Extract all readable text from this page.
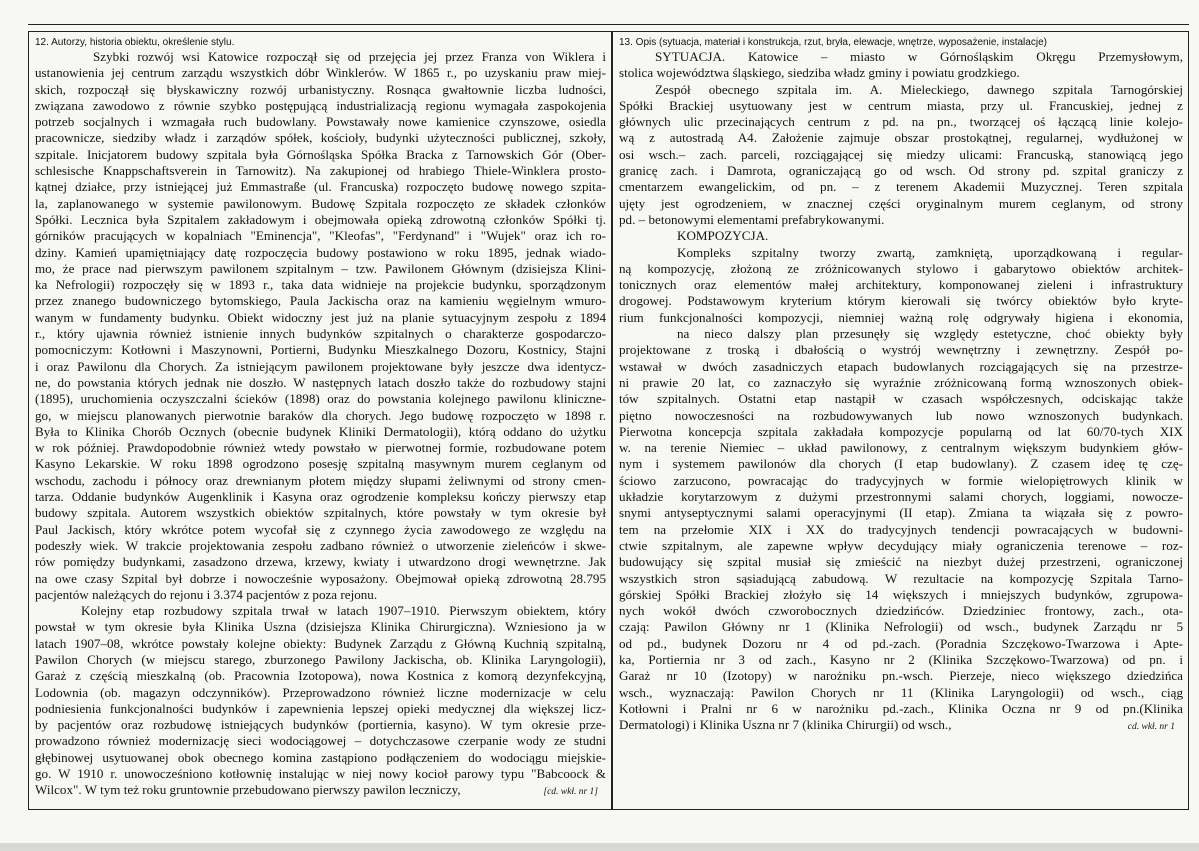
12. Autorzy, historia obiektu, określenie stylu.
Szybki rozwój wsi Katowice rozpoczął się od przejęcia jej przez Franza von Wiklera i
ustanowienia jej centrum zarządu wszystkich dóbr Winklerów. W 1865 r., po uzyskaniu praw miej-
skich, rozpoczął się błyskawiczny rozwój urbanistyczny. Rosnąca gwałtownie liczba ludności,
związana zawodowo z równie szybko postępującą industrializacją regionu wymagała zaspokojenia
potrzeb socjalnych i wzmagała ruch budowlany. Powstawały nowe kamienice czynszowe, osiedla
pracownicze, siedziby władz i zarządów spółek, kościoły, budynki użyteczności publicznej, szkoły,
szpitale. Inicjatorem budowy szpitala była Górnośląska Spółka Bracka z Tarnowskich Gór (Ober-
schlesische Knappschaftsverein in Tarnowitz). Na zakupionej od hrabiego Thiele-Winklera prosto-
kątnej działce, przy istniejącej już Emmastraße (ul. Francuska) rozpoczęto budowę nowego szpita-
la, zaplanowanego w systemie pawilonowym. Budowę Szpitala rozpoczęto ze składek członków
Spółki. Lecznica była Szpitalem zakładowym i obejmowała opieką zdrowotną członków Spółki tj.
górników pracujących w kopalniach "Eminencja", "Kleofas", "Ferdynand" i "Wujek" oraz ich ro-
dziny. Kamień upamiętniający datę rozpoczęcia budowy postawiono w roku 1895, jednak wiado-
mo, że prace nad pierwszym pawilonem szpitalnym – tzw. Pawilonem Głównym (dzisiejsza Klini-
ka Nefrologii) rozpoczęły się w 1893 r., taka data widnieje na projekcie budynku, sporządzonym
przez znanego budowniczego bytomskiego, Paula Jackischa oraz na kamieniu węgielnym wmuro-
wanym w fundamenty budynku. Obiekt widoczny jest już na planie sytuacyjnym zespołu z 1894
r., który ujawnia również istnienie innych budynków szpitalnych o charakterze gospodarczo-
pomocniczym: Kotłowni i Maszynowni, Portierni, Budynku Mieszkalnego Dozoru, Kostnicy, Stajni
i oraz Pawilonu dla Chorych. Za istniejącym pawilonem projektowane były jeszcze dwa identycz-
ne, do powstania których jednak nie doszło. W następnych latach doszło także do rozbudowy stajni
(1895), uruchomienia oczyszczalni ścieków (1898) oraz do powstania kolejnego pawilonu kliniczne-
go, w miejscu planowanych pierwotnie baraków dla chorych. Jego budowę rozpoczęto w 1898 r.
Była to Klinika Chorób Ocznych (obecnie budynek Kliniki Dermatologii), którą oddano do użytku
w rok później. Prawdopodobnie również wtedy powstało w pierwotnej formie, rozbudowane potem
Kasyno Lekarskie. W roku 1898 ogrodzono posesję szpitalną masywnym murem ceglanym od
wschodu, zachodu i północy oraz drewnianym płotem między słupami żeliwnymi od strony cmen-
tarza. Oddanie budynków Augenklinik i Kasyna oraz ogrodzenie kompleksu kończy pierwszy etap
budowy szpitala. Autorem wszystkich obiektów szpitalnych, które powstały w tym okresie był
Paul Jackisch, który wkrótce potem wycofał się z czynnego życia zawodowego ze względu na
podeszły wiek. W trakcie projektowania zespołu zadbano również o utworzenie zieleńców i skwe-
rów pomiędzy budynkami, zasadzono drzewa, krzewy, kwiaty i utwardzono drogi wewnętrzne. Jak
na owe czasy Szpital był dobrze i nowocześnie wyposażony. Obejmował opieką zdrowotną 28.795
pacjentów należących do rejonu i 3.374 pacjentów z poza rejonu.
Kolejny etap rozbudowy szpitala trwał w latach 1907–1910. Pierwszym obiektem, który
powstał w tym okresie była Klinika Uszna (dzisiejsza Klinika Chirurgiczna). Wzniesiono ja w
latach 1907–08, wkrótce powstały kolejne obiekty: Budynek Zarządu z Główną Kuchnią szpitalną,
Pawilon Chorych (w miejscu starego, zburzonego Pawilony Jackischa, ob. Klinika Laryngologii),
Garaż z częścią mieszkalną (ob. Pracownia Izotopowa), nowa Kostnica z komorą dezynfekcyjną,
Lodownia (ob. magazyn odczynników). Przeprowadzono również liczne modernizacje w celu
podniesienia funkcjonalności budynków i zapewnienia lepszej opieki medycznej dla większej licz-
by pacjentów oraz rozbudowę istniejących budynków (portiernia, kasyno). W tym okresie prze-
prowadzono również modernizację sieci wodociągowej – dotychczasowe czerpanie wody ze studni
głębinowej usytuowanej obok obecnego komina zastąpiono podłączeniem do wodociągu miejskie-
go. W 1910 r. unowocześniono kotłownię instalując w niej nowy kocioł parowy typu "Babcoock &
Wilcox". W tym też roku gruntownie przebudowano pierwszy pawilon leczniczy,	[cd. wkł. nr 1]
13. Opis (sytuacja, materiał i konstrukcja, rzut, bryła, elewacje, wnętrze, wyposażenie, instalacje)
SYTUACJA. Katowice – miasto w Górnośląskim Okręgu Przemysłowym,
stolica województwa śląskiego, siedziba władz gminy i powiatu grodzkiego.
Zespół obecnego szpitala im. A. Mieleckiego, dawnego szpitala Tarnogórskiej
Spółki Brackiej usytuowany jest w centrum miasta, przy ul. Francuskiej, jednej z
głównych ulic przecinających centrum z pd. na pn., tworzącej oś łączącą linie kolejo-
wą z autostradą A4. Założenie zajmuje obszar prostokątnej, regularnej, wydłużonej w
osi wsch.– zach. parceli, rozciągającej się miedzy ulicami: Francuską, stanowiącą jego
granicę zach. i Damrota, ograniczającą go od wsch. Od strony pd. szpital graniczy z
cmentarzem ewangelickim, od pn. – z terenem Akademii Muzycznej. Teren szpitala
ujęty jest ogrodzeniem, w znacznej części oryginalnym murem ceglanym, od strony
pd. – betonowymi elementami prefabrykowanymi.
KOMPOZYCJA.
Kompleks szpitalny tworzy zwartą, zamkniętą, uporządkowaną i regular-
ną kompozycję, złożoną ze zróżnicowanych stylowo i gabarytowo obiektów architek-
tonicznych oraz elementów małej architektury, komponowanej zieleni i infrastruktury
drogowej. Podstawowym kryterium którym kierowali się twórcy obiektów było kryte-
rium funkcjonalności kompozycji, niemniej ważną rolę odgrywały higiena i ekonomia,
na nieco dalszy plan przesunęły się względy estetyczne, choć obiekty były
projektowane z troską i dbałością o wystrój wewnętrzny i zewnętrzny. Zespół po-
wstawał w dwóch zasadniczych etapach budowlanych rozciągających się na przestrze-
ni prawie 20 lat, co zaznaczyło się wyraźnie zróżnicowaną formą wznoszonych obiek-
tów szpitalnych. Ostatni etap nastąpił w czasach współczesnych, odciskając także
piętno nowoczesności na rozbudowywanych lub nowo wznoszonych budynkach.
Pierwotna koncepcja szpitala zakładała kompozycje popularną od lat 60/70-tych XIX
w. na terenie Niemiec – układ pawilonowy, z centralnym większym budynkiem głów-
nym i systemem pawilonów dla chorych (I etap budowlany). Z czasem ideę tę czę-
ściowo zarzucono, powracając do tradycyjnych w formie wielopiętrowych klinik w
układzie korytarzowym z dużymi przestronnymi salami chorych, loggiami, nowocze-
snymi antyseptycznymi salami operacyjnymi (II etap). Zmiana ta wiązała się z powro-
tem na przełomie XIX i XX do tradycyjnych tendencji powracających w budowni-
ctwie szpitalnym, ale zapewne wpływ decydujący miały ograniczenia terenowe – roz-
budowujący się szpital musiał się zmieścić na niezbyt dużej przestrzeni, ograniczonej
wszystkich stron sąsiadującą zabudową. W rezultacie na kompozycję Szpitala Tarno-
górskiej Spółki Brackiej złożyło się 14 większych i mniejszych budynków, zgrupowa-
nych wokół dwóch czworobocznych dziedzińców. Dziedziniec frontowy, zach., ota-
czają: Pawilon Główny nr 1 (Klinika Nefrologii) od wsch., budynek Zarządu nr 5
od pd., budynek Dozoru nr 4 od pd.-zach. (Poradnia Szczękowo-Twarzowa i Apte-
ka, Portiernia nr 3 od zach., Kasyno nr 2 (Klinika Szczękowo-Twarzowa) od pn. i
Garaż nr 10 (Izotopy) w narożniku pn.-wsch. Pierzeje, nieco większego dziedzińca
wsch., wyznaczają: Pawilon Chorych nr 11 (Klinika Laryngologii) od wsch., ciąg
Kotłowni i Pralni nr 6 w narożniku pd.-zach., Klinika Oczna nr 9 od pn.(Klinika
Dermatologi) i Klinika Uszna nr 7 (klinika Chirurgii) od wsch.,	cd. wkł. nr 1
